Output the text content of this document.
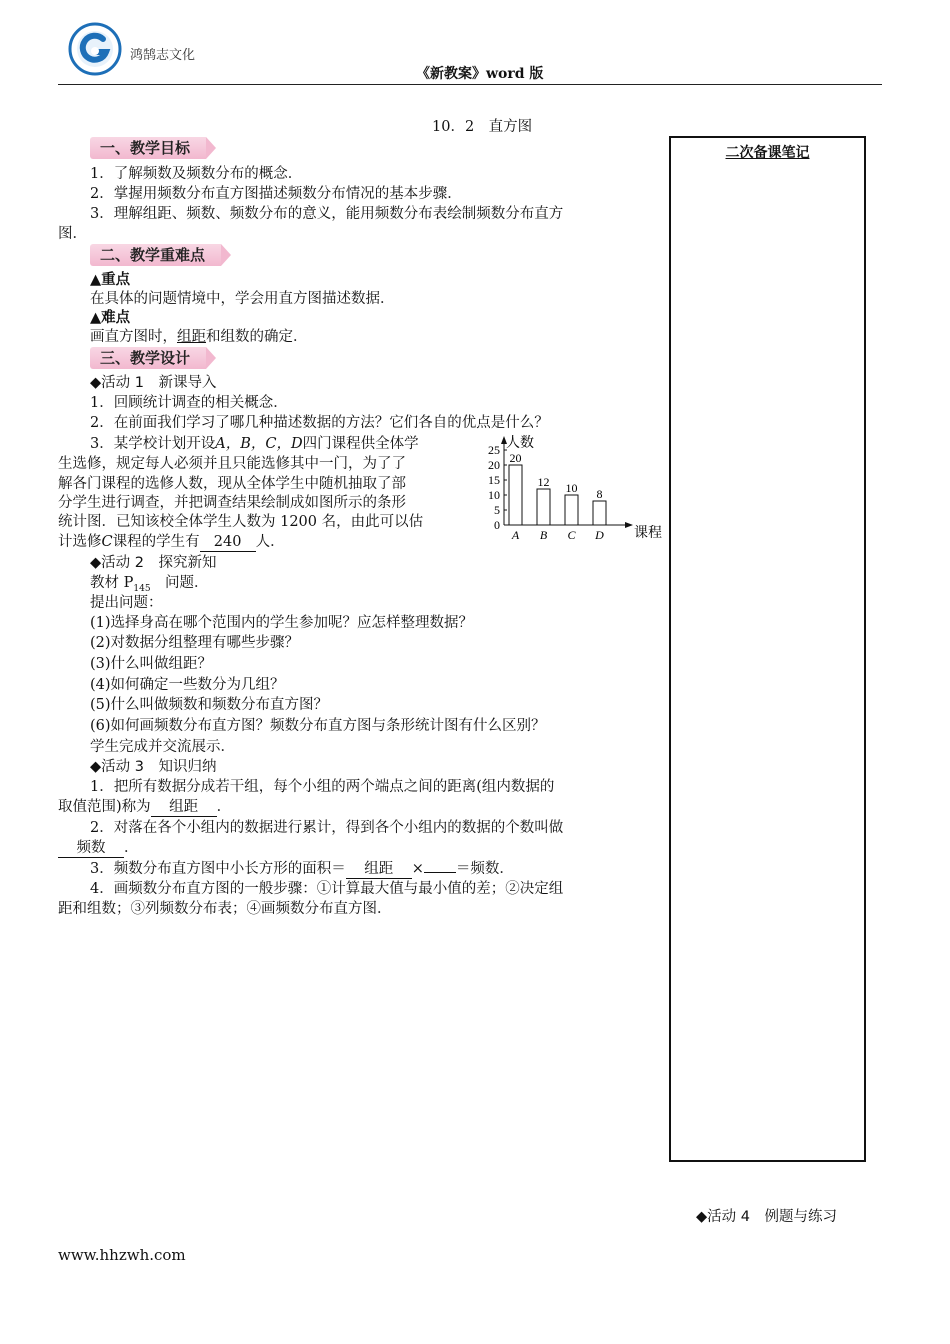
鸿鹄志文化
《新教案》word 版
10．2　直方图
二次备课笔记
一、教学目标
1．了解频数及频数分布的概念．
2．掌握用频数分布直方图描述频数分布情况的基本步骤．
3．理解组距、频数、频数分布的意义，能用频数分布表绘制频数分布直方
图．
二、教学重难点
▲重点
在具体的问题情境中，学会用直方图描述数据．
▲难点
画直方图时，组距和组数的确定．
三、教学设计
◆活动 1　新课导入
1．回顾统计调查的相关概念．
2．在前面我们学习了哪几种描述数据的方法？它们各自的优点是什么？
3．某学校计划开设A，B，C，D四门课程供全体学
生选修，规定每人必须并且只能选修其中一门，为了了
解各门课程的选修人数，现从全体学生中随机抽取了部
分学生进行调查，并把调查结果绘制成如图所示的条形
统计图．已知该校全体学生人数为 1200 名，由此可以估
计选修C课程的学生有 240 人．
人数
课程
0
5
10
15
20
25
20
A
12
B
10
C
8
D
◆活动 2　探究新知
教材 $P_{145}$　问题．
提出问题：
(1)选择身高在哪个范围内的学生参加呢？应怎样整理数据？
(2)对数据分组整理有哪些步骤？
(3)什么叫做组距？
(4)如何确定一些数分为几组？
(5)什么叫做频数和频数分布直方图？
(6)如何画频数分布直方图？频数分布直方图与条形统计图有什么区别？
学生完成并交流展示．
◆活动 3　知识归纳
1．把所有数据分成若干组，每个小组的两个端点之间的距离(组内数据的
取值范围)称为 组距 ．
2．对落在各个小组内的数据进行累计，得到各个小组内的数据的个数叫做
频数 ．
3．频数分布直方图中小长方形的面积＝ 组距 × ＝频数．
4．画频数分布直方图的一般步骤：①计算最大值与最小值的差；②决定组
距和组数；③列频数分布表；④画频数分布直方图．
◆活动 4　例题与练习
www.hhzwh.com
